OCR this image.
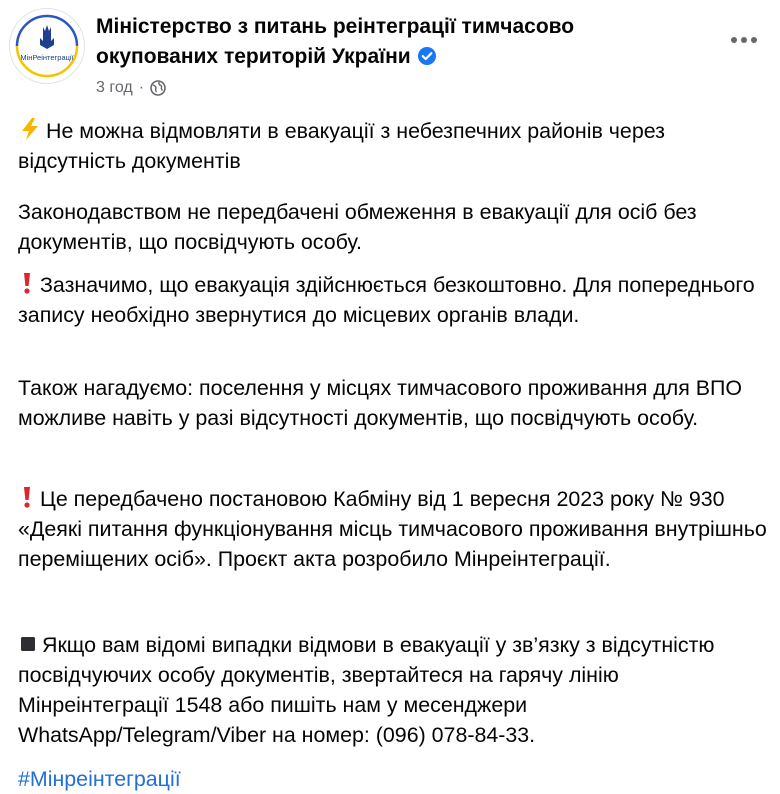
МінРеінтеграції
Міністерство з питань реінтеграції тимчасово окупованих територій України
3 год ·

Не можна відмовляти в евакуації з небезпечних районів через відсутність документів

Законодавством не передбачені обмеження в евакуації для осіб без документів, що посвідчують особу.

Зазначимо, що евакуація здійснюється безкоштовно. Для попереднього запису необхідно звернутися до місцевих органів влади.

Також нагадуємо: поселення у місцях тимчасового проживання для ВПО можливе навіть у разі відсутності документів, що посвідчують особу.

Це передбачено постановою Кабміну від 1 вересня 2023 року № 930 «Деякі питання функціонування місць тимчасового проживання внутрішньо переміщених осіб». Проєкт акта розробило Мінреінтеграції.

Якщо вам відомі випадки відмови в евакуації у зв’язку з відсутністю посвідчуючих особу документів, звертайтеся на гарячу лінію Мінреінтеграції 1548 або пишіть нам у месенджери WhatsApp/Telegram/Viber на номер: (096) 078-84-33.

#Мінреінтеграції
